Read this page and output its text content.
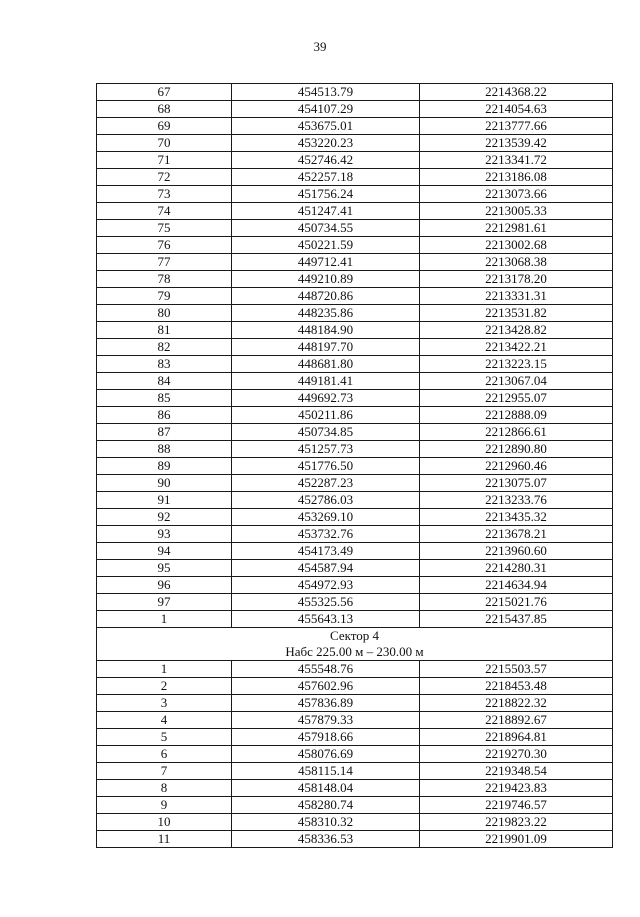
39
67	454513.79	2214368.22
68	454107.29	2214054.63
69	453675.01	2213777.66
70	453220.23	2213539.42
71	452746.42	2213341.72
72	452257.18	2213186.08
73	451756.24	2213073.66
74	451247.41	2213005.33
75	450734.55	2212981.61
76	450221.59	2213002.68
77	449712.41	2213068.38
78	449210.89	2213178.20
79	448720.86	2213331.31
80	448235.86	2213531.82
81	448184.90	2213428.82
82	448197.70	2213422.21
83	448681.80	2213223.15
84	449181.41	2213067.04
85	449692.73	2212955.07
86	450211.86	2212888.09
87	450734.85	2212866.61
88	451257.73	2212890.80
89	451776.50	2212960.46
90	452287.23	2213075.07
91	452786.03	2213233.76
92	453269.10	2213435.32
93	453732.76	2213678.21
94	454173.49	2213960.60
95	454587.94	2214280.31
96	454972.93	2214634.94
97	455325.56	2215021.76
1	455643.13	2215437.85

Сектор 4
Набс 225.00 м – 230.00 м		

1	455548.76	2215503.57
2	457602.96	2218453.48
3	457836.89	2218822.32
4	457879.33	2218892.67
5	457918.66	2218964.81
6	458076.69	2219270.30
7	458115.14	2219348.54
8	458148.04	2219423.83
9	458280.74	2219746.57
10	458310.32	2219823.22
11	458336.53	2219901.09
